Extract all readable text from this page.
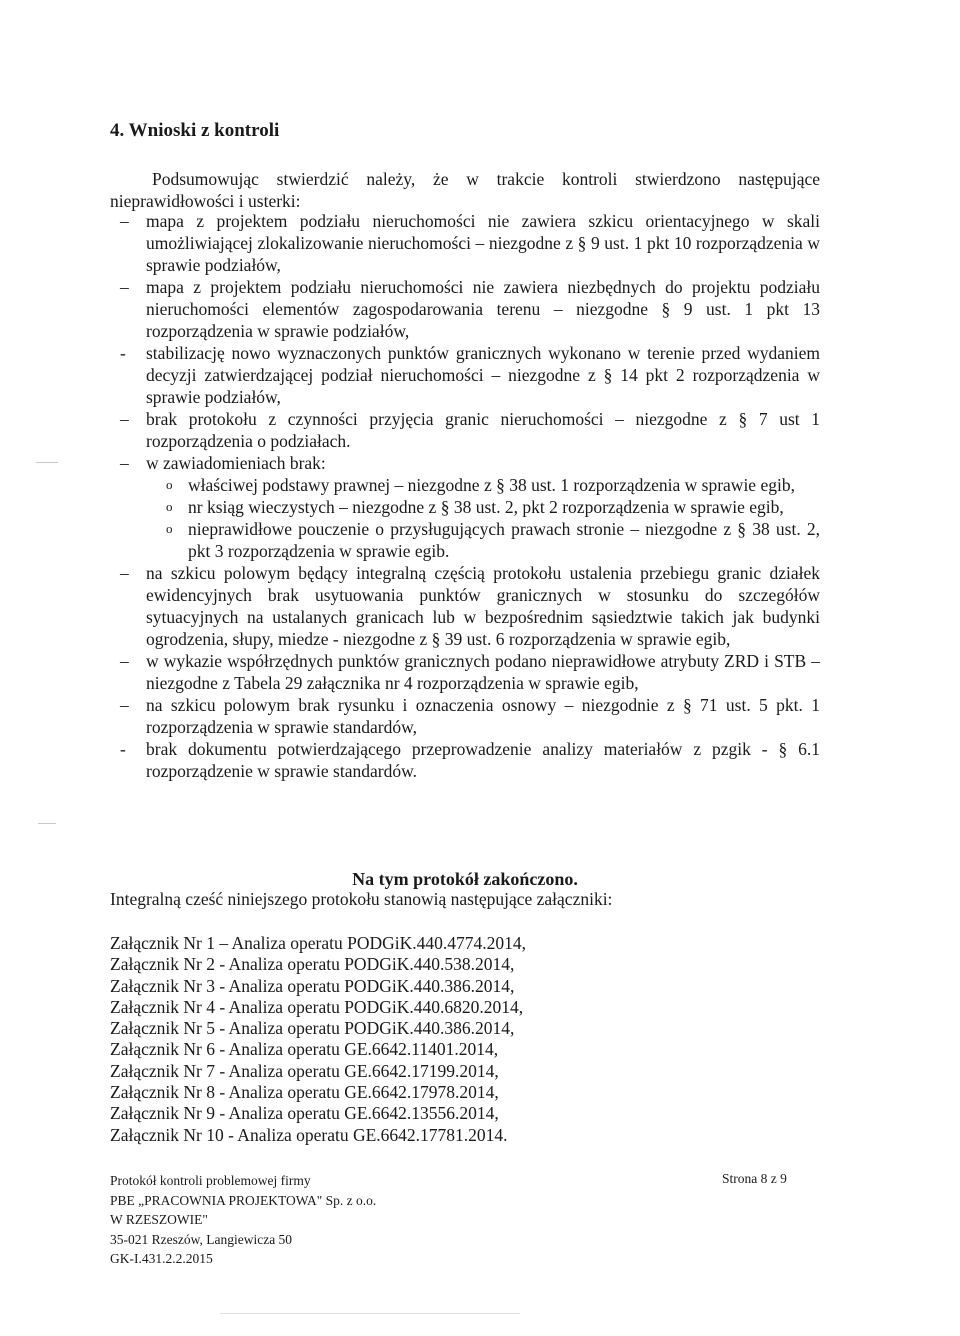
4. Wnioski z kontroli

Podsumowując stwierdzić należy, że w trakcie kontroli stwierdzono następujące nieprawidłowości i usterki:

– mapa z projektem podziału nieruchomości nie zawiera szkicu orientacyjnego w skali umożliwiającej zlokalizowanie nieruchomości – niezgodne z § 9 ust. 1 pkt 10 rozporządzenia w sprawie podziałów,
– mapa z projektem podziału nieruchomości nie zawiera niezbędnych do projektu podziału nieruchomości elementów zagospodarowania terenu – niezgodne § 9 ust. 1 pkt 13 rozporządzenia w sprawie podziałów,
- stabilizację nowo wyznaczonych punktów granicznych wykonano w terenie przed wydaniem decyzji zatwierdzającej podział nieruchomości – niezgodne z § 14 pkt 2 rozporządzenia w sprawie podziałów,
– brak protokołu z czynności przyjęcia granic nieruchomości – niezgodne z § 7 ust 1 rozporządzenia o podziałach.
– w zawiadomieniach brak:
o właściwej podstawy prawnej – niezgodne z § 38 ust. 1 rozporządzenia w sprawie egib,
o nr ksiąg wieczystych – niezgodne z § 38 ust. 2, pkt 2 rozporządzenia w sprawie egib,
o nieprawidłowe pouczenie o przysługujących prawach stronie – niezgodne z § 38 ust. 2, pkt 3 rozporządzenia w sprawie egib.
– na szkicu polowym będący integralną częścią protokołu ustalenia przebiegu granic działek ewidencyjnych brak usytuowania punktów granicznych w stosunku do szczegółów sytuacyjnych na ustalanych granicach lub w bezpośrednim sąsiedztwie takich jak budynki ogrodzenia, słupy, miedze - niezgodne z § 39 ust. 6 rozporządzenia w sprawie egib,
– w wykazie współrzędnych punktów granicznych podano nieprawidłowe atrybuty ZRD i STB – niezgodne z Tabela 29 załącznika nr 4 rozporządzenia w sprawie egib,
– na szkicu polowym brak rysunku i oznaczenia osnowy – niezgodnie z § 71 ust. 5 pkt. 1 rozporządzenia w sprawie standardów,
- brak dokumentu potwierdzającego przeprowadzenie analizy materiałów z pzgik - § 6.1 rozporządzenie w sprawie standardów.

Na tym protokół zakończono.

Integralną cześć niniejszego protokołu stanowią następujące załączniki:

Załącznik Nr 1 – Analiza operatu PODGiK.440.4774.2014,
Załącznik Nr 2 - Analiza operatu PODGiK.440.538.2014,
Załącznik Nr 3 - Analiza operatu PODGiK.440.386.2014,
Załącznik Nr 4 - Analiza operatu PODGiK.440.6820.2014,
Załącznik Nr 5 - Analiza operatu PODGiK.440.386.2014,
Załącznik Nr 6 - Analiza operatu GE.6642.11401.2014,
Załącznik Nr 7 - Analiza operatu GE.6642.17199.2014,
Załącznik Nr 8 - Analiza operatu GE.6642.17978.2014,
Załącznik Nr 9 - Analiza operatu GE.6642.13556.2014,
Załącznik Nr 10 - Analiza operatu GE.6642.17781.2014.
Protokół kontroli problemowej firmy
PBE „PRACOWNIA PROJEKTOWA" Sp. z o.o.
W RZESZOWIE"
35-021 Rzeszów, Langiewicza 50
GK-I.431.2.2.2015
Strona 8 z 9
